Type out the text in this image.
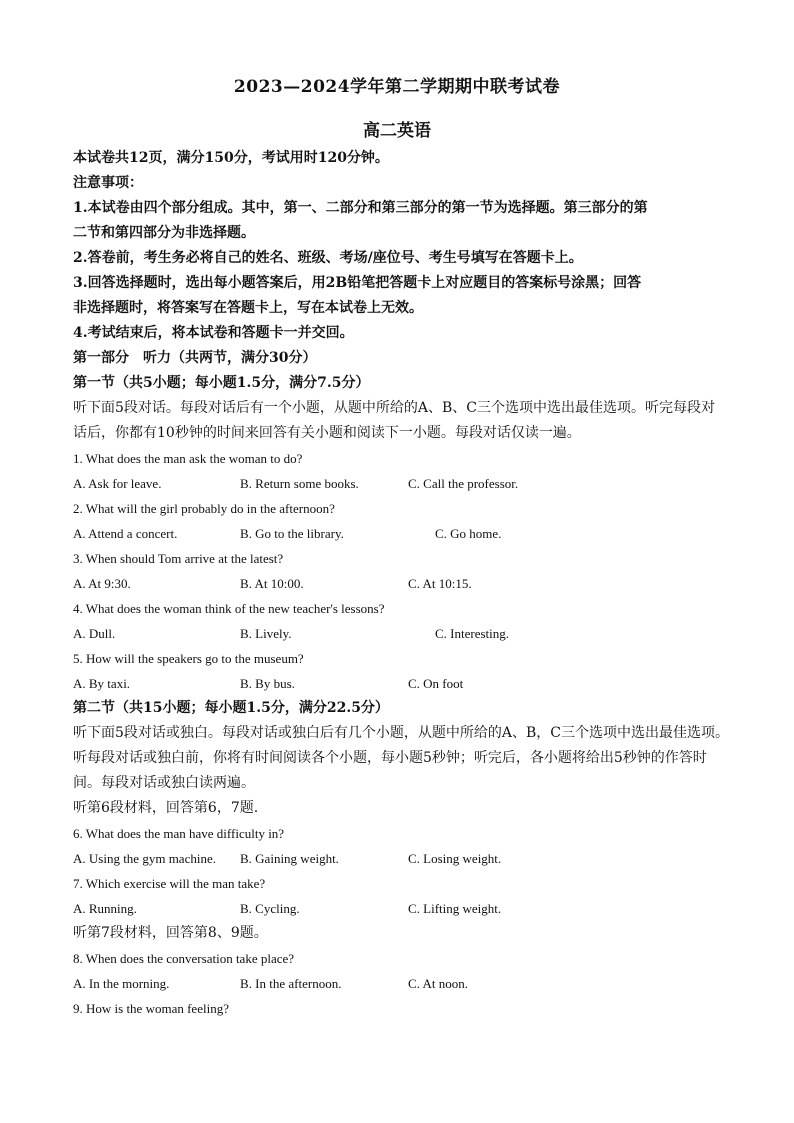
2023—2024学年第二学期期中联考试卷
高二英语
本试卷共12页，满分150分，考试用时120分钟。
注意事项：
1.本试卷由四个部分组成。其中，第一、二部分和第三部分的第一节为选择题。第三部分的第
二节和第四部分为非选择题。
2.答卷前，考生务必将自己的姓名、班级、考场/座位号、考生号填写在答题卡上。
3.回答选择题时，选出每小题答案后，用2B铅笔把答题卡上对应题目的答案标号涂黑；回答
非选择题时，将答案写在答题卡上，写在本试卷上无效。
4.考试结束后，将本试卷和答题卡一并交回。
第一部分　听力（共两节，满分30分）
第一节（共5小题；每小题1.5分，满分7.5分）
听下面5段对话。每段对话后有一个小题，从题中所给的A、B、C三个选项中选出最佳选项。听完每段对
话后，你都有10秒钟的时间来回答有关小题和阅读下一小题。每段对话仅读一遍。
1. What does the man ask the woman to do?
A. Ask for leave.	B. Return some books.	C. Call the professor.
2. What will the girl probably do in the afternoon?
A. Attend a concert.	B. Go to the library.	C. Go home.
3. When should Tom arrive at the latest?
A. At 9:30.	B. At 10:00.	C. At 10:15.
4. What does the woman think of the new teacher's lessons?
A. Dull.	B. Lively.	C. Interesting.
5. How will the speakers go to the museum?
A. By taxi.	B. By bus.	C. On foot
第二节（共15小题；每小题1.5分，满分22.5分）
听下面5段对话或独白。每段对话或独白后有几个小题，从题中所给的A、B，C三个选项中选出最佳选项。
听每段对话或独白前，你将有时间阅读各个小题，每小题5秒钟；听完后，各小题将给出5秒钟的作答时
间。每段对话或独白读两遍。
听第6段材料，回答第6，7题.
6. What does the man have difficulty in?
A. Using the gym machine. B. Gaining weight.	C. Losing weight.
7. Which exercise will the man take?
A. Running.	B. Cycling.	C. Lifting weight.
听第7段材料，回答第8、9题。
8. When does the conversation take place?
A. In the morning.	B. In the afternoon.	C. At noon.
9. How is the woman feeling?
